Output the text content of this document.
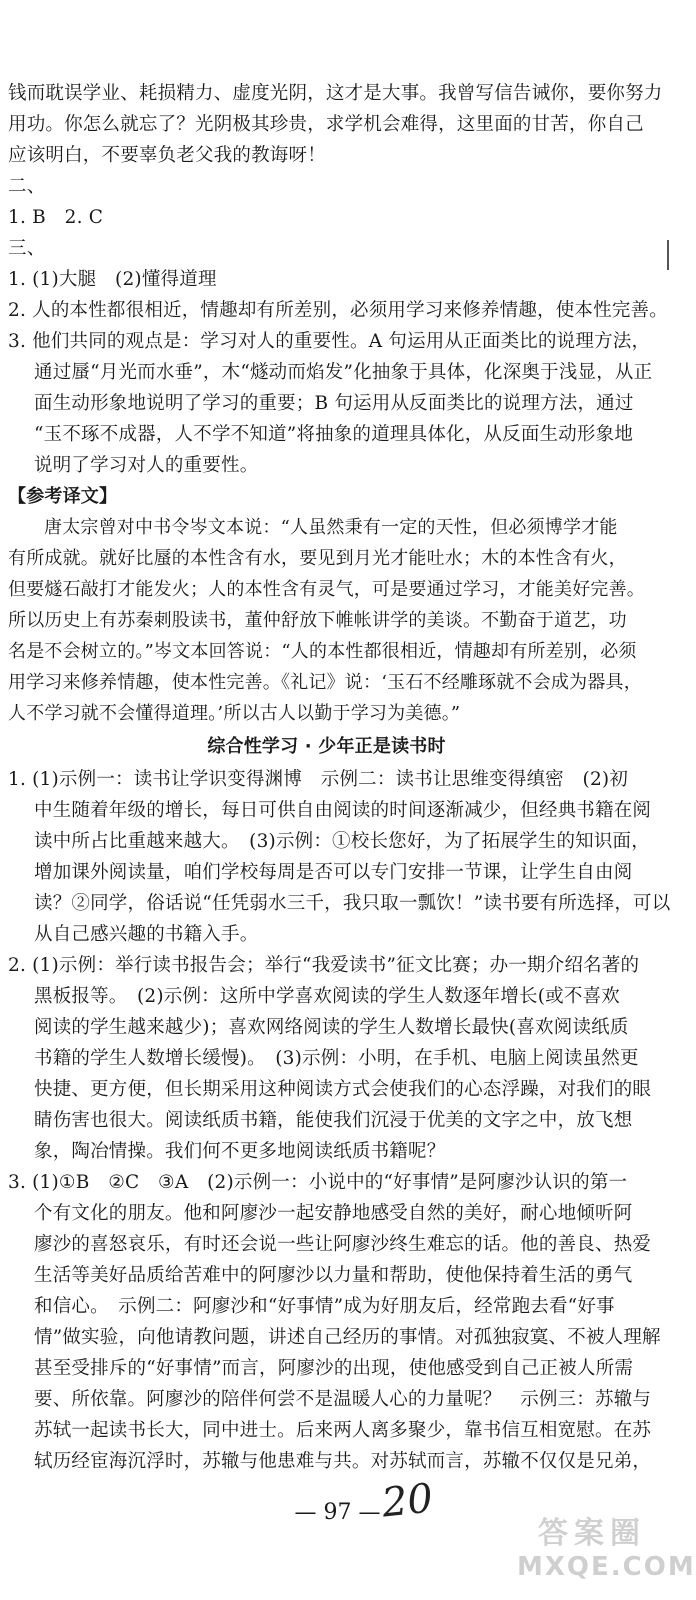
钱而耽误学业、耗损精力、虚度光阴，这才是大事。我曾写信告诫你，要你努力
用功。你怎么就忘了？光阴极其珍贵，求学机会难得，这里面的甘苦，你自己
应该明白，不要辜负老父我的教诲呀！
二、
1. B　2. C
三、
1. (1)大腿　(2)懂得道理
2. 人的本性都很相近，情趣却有所差别，必须用学习来修养情趣，使本性完善。
3. 他们共同的观点是：学习对人的重要性。A 句运用从正面类比的说理方法，
通过蜃“月光而水垂”，木“燧动而焰发”化抽象于具体，化深奥于浅显，从正
面生动形象地说明了学习的重要；B 句运用从反面类比的说理方法，通过
“玉不琢不成器，人不学不知道”将抽象的道理具体化，从反面生动形象地
说明了学习对人的重要性。
【参考译文】
唐太宗曾对中书令岑文本说：“人虽然秉有一定的天性，但必须博学才能
有所成就。就好比蜃的本性含有水，要见到月光才能吐水；木的本性含有火，
但要燧石敲打才能发火；人的本性含有灵气，可是要通过学习，才能美好完善。
所以历史上有苏秦刺股读书，董仲舒放下帷帐讲学的美谈。不勤奋于道艺，功
名是不会树立的。”岑文本回答说：“人的本性都很相近，情趣却有所差别，必须
用学习来修养情趣，使本性完善。《礼记》说：‘玉石不经雕琢就不会成为器具，
人不学习就不会懂得道理。’所以古人以勤于学习为美德。”
综合性学习 · 少年正是读书时
1. (1)示例一：读书让学识变得渊博　示例二：读书让思维变得缜密　(2)初
中生随着年级的增长，每日可供自由阅读的时间逐渐减少，但经典书籍在阅
读中所占比重越来越大。　(3)示例：①校长您好，为了拓展学生的知识面，
增加课外阅读量，咱们学校每周是否可以专门安排一节课，让学生自由阅
读？②同学，俗话说“任凭弱水三千，我只取一瓢饮！”读书要有所选择，可以
从自己感兴趣的书籍入手。
2. (1)示例：举行读书报告会；举行“我爱读书”征文比赛；办一期介绍名著的
黑板报等。　(2)示例：这所中学喜欢阅读的学生人数逐年增长(或不喜欢
阅读的学生越来越少)；喜欢网络阅读的学生人数增长最快(喜欢阅读纸质
书籍的学生人数增长缓慢)。　(3)示例：小明，在手机、电脑上阅读虽然更
快捷、更方便，但长期采用这种阅读方式会使我们的心态浮躁，对我们的眼
睛伤害也很大。阅读纸质书籍，能使我们沉浸于优美的文字之中，放飞想
象，陶冶情操。我们何不更多地阅读纸质书籍呢？
3. (1)①B　②C　③A　(2)示例一：小说中的“好事情”是阿廖沙认识的第一
个有文化的朋友。他和阿廖沙一起安静地感受自然的美好，耐心地倾听阿
廖沙的喜怒哀乐，有时还会说一些让阿廖沙终生难忘的话。他的善良、热爱
生活等美好品质给苦难中的阿廖沙以力量和帮助，使他保持着生活的勇气
和信心。　示例二：阿廖沙和“好事情”成为好朋友后，经常跑去看“好事
情”做实验，向他请教问题，讲述自己经历的事情。对孤独寂寞、不被人理解
甚至受排斥的“好事情”而言，阿廖沙的出现，使他感受到自己正被人所需
要、所依靠。阿廖沙的陪伴何尝不是温暖人心的力量呢？　示例三：苏辙与
苏轼一起读书长大，同中进士。后来两人离多聚少，靠书信互相宽慰。在苏
轼历经宦海沉浮时，苏辙与他患难与共。对苏轼而言，苏辙不仅仅是兄弟，
— 97 — 20
答案圈
MXQE.COM
